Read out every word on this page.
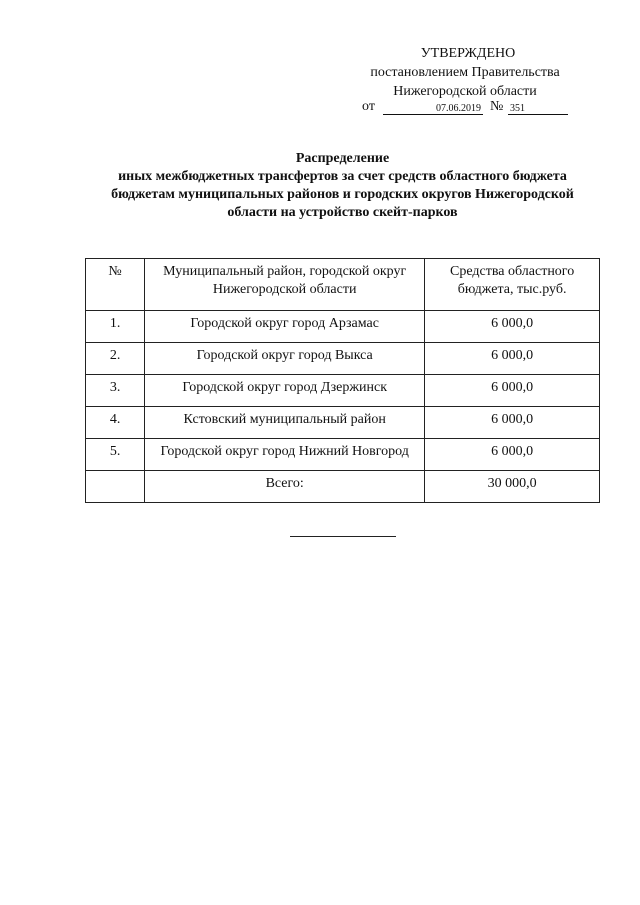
УТВЕРЖДЕНО
постановлением Правительства
Нижегородской области
от	07.06.2019 № 351
Распределение
иных межбюджетных трансфертов за счет средств областного бюджета
бюджетам муниципальных районов и городских округов Нижегородской
области на устройство скейт-парков
№	Муниципальный район, городской округ Нижегородской области	Средства областного бюджета, тыс.руб.
1.	Городской округ город Арзамас	6 000,0
2.	Городской округ город Выкса	6 000,0
3.	Городской округ город Дзержинск	6 000,0
4.	Кстовский муниципальный район	6 000,0
5.	Городской округ город Нижний Новгород	6 000,0
	Всего:	30 000,0
